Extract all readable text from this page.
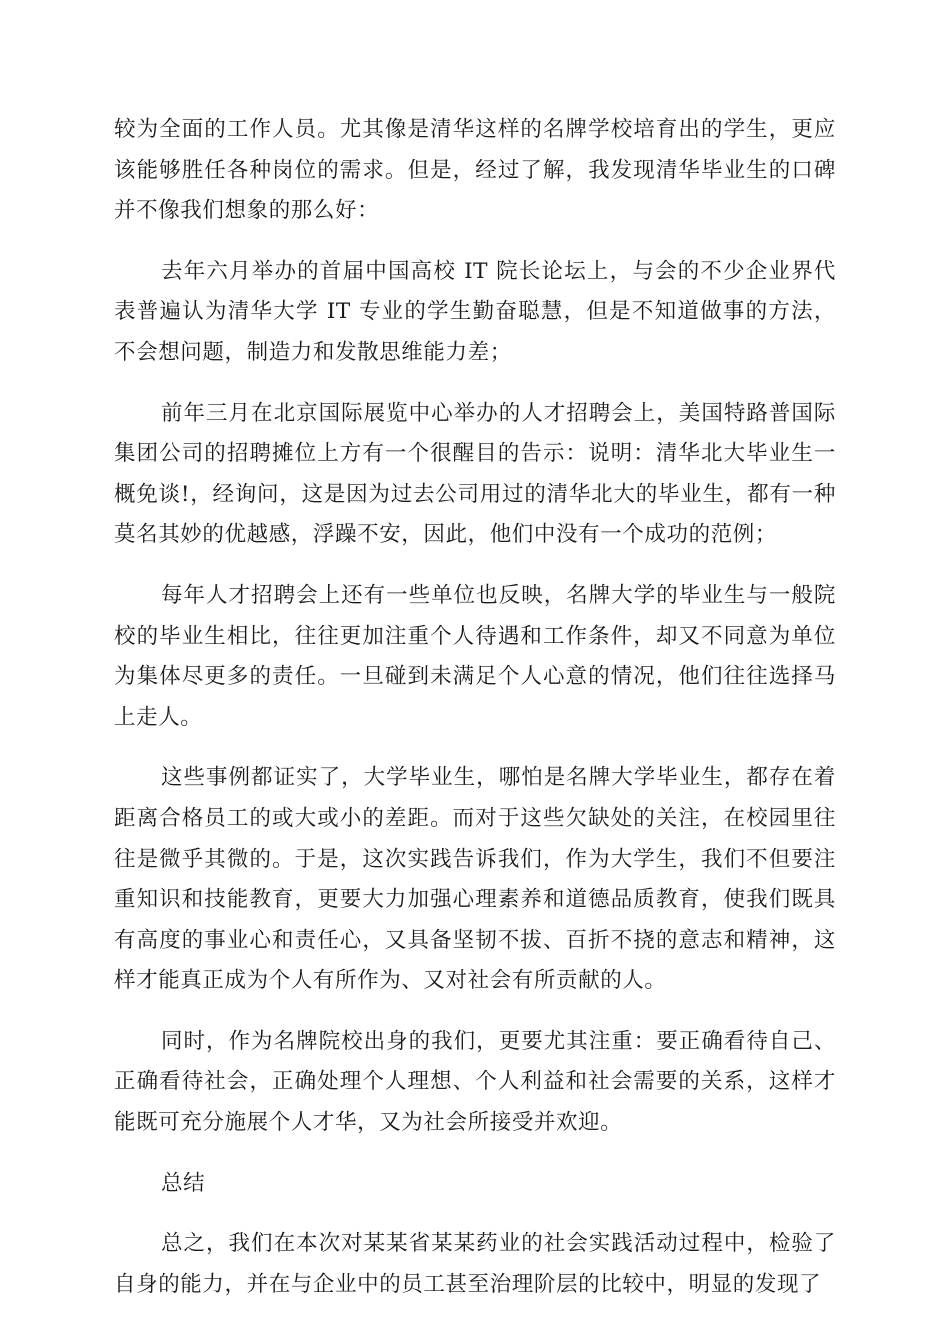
较为全面的工作人员。尤其像是清华这样的名牌学校培育出的学生，更应该能够胜任各种岗位的需求。但是，经过了解，我发现清华毕业生的口碑并不像我们想象的那么好：

去年六月举办的首届中国高校 IT 院长论坛上，与会的不少企业界代表普遍认为清华大学 IT 专业的学生勤奋聪慧，但是不知道做事的方法，不会想问题，制造力和发散思维能力差；

前年三月在北京国际展览中心举办的人才招聘会上，美国特路普国际集团公司的招聘摊位上方有一个很醒目的告示：说明：清华北大毕业生一概免谈!，经询问，这是因为过去公司用过的清华北大的毕业生，都有一种莫名其妙的优越感，浮躁不安，因此，他们中没有一个成功的范例；

每年人才招聘会上还有一些单位也反映，名牌大学的毕业生与一般院校的毕业生相比，往往更加注重个人待遇和工作条件，却又不同意为单位为集体尽更多的责任。一旦碰到未满足个人心意的情况，他们往往选择马上走人。

这些事例都证实了，大学毕业生，哪怕是名牌大学毕业生，都存在着距离合格员工的或大或小的差距。而对于这些欠缺处的关注，在校园里往往是微乎其微的。于是，这次实践告诉我们，作为大学生，我们不但要注重知识和技能教育，更要大力加强心理素养和道德品质教育，使我们既具有高度的事业心和责任心，又具备坚韧不拔、百折不挠的意志和精神，这样才能真正成为个人有所作为、又对社会有所贡献的人。

同时，作为名牌院校出身的我们，更要尤其注重：要正确看待自己、正确看待社会，正确处理个人理想、个人利益和社会需要的关系，这样才能既可充分施展个人才华，又为社会所接受并欢迎。

总结

总之，我们在本次对某某省某某药业的社会实践活动过程中，检验了自身的能力，并在与企业中的员工甚至治理阶层的比较中，明显的发现了
